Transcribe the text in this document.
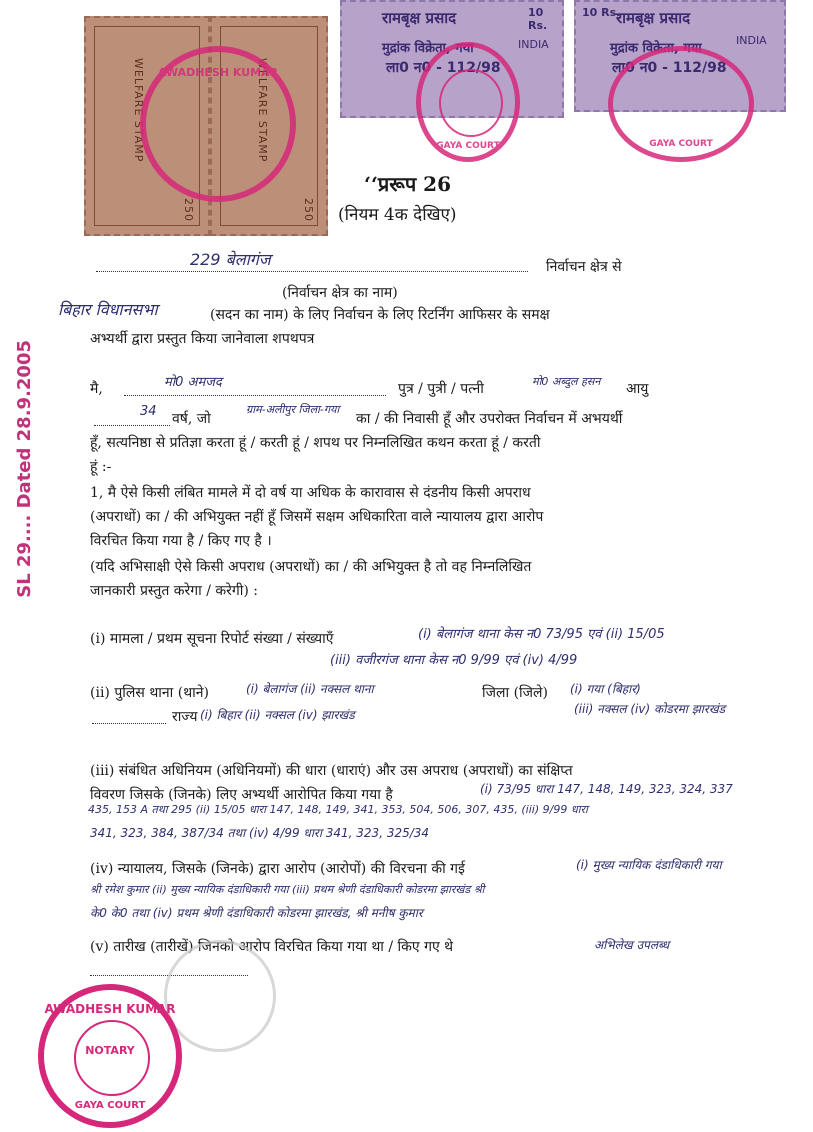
WELFARE STAMP
250
WELFARE STAMP
250
रामबृक्ष प्रसाद	10 Rs.
मुद्रांक विक्रेता, गया
ला0 न0 - 112/98
INDIA
10 Rs.
रामबृक्ष प्रसाद
मुद्रांक विक्रेता, गया
ला0 न0 - 112/98
INDIA
AWADHESH KUMAR
GAYA COURT	GAYA COURT
SL 29.... Dated 28.9.2005
‘‘प्ररूप 26
(नियम 4क देखिए)
229 बेलागंज	निर्वाचन क्षेत्र से
(निर्वाचन क्षेत्र का नाम)
बिहार विधानसभा	(सदन का नाम) के लिए निर्वाचन के लिए रिटर्निंग आफिसर के समक्ष
अभ्यर्थी द्वारा प्रस्तुत किया जानेवाला शपथपत्र
मै,	मो0 अमजद	पुत्र / पुत्री / पत्नी	मो0 अब्दुल हसन आयु
34 वर्ष, जो
ग्राम-अलीपुर जिला-गया
का / की निवासी हूँ और उपरोक्त निर्वाचन में अभयर्थी
हूँ, सत्यनिष्ठा से प्रतिज्ञा करता हूं / करती हूं / शपथ पर निम्नलिखित कथन करता हूं / करती
हूं :-
1, मै ऐसे किसी लंबित मामले में दो वर्ष या अधिक के कारावास से दंडनीय किसी अपराध
(अपराधों) का / की अभियुक्त नहीं हूँ जिसमें सक्षम अधिकारिता वाले न्यायालय द्वारा आरोप
विरचित किया गया है / किए गए है ।
(यदि अभिसाक्षी ऐसे किसी अपराध (अपराधों) का / की अभियुक्त है तो वह निम्नलिखित
जानकारी प्रस्तुत करेगा / करेगी) :
(i) मामला / प्रथम सूचना रिपोर्ट संख्या / संख्याएँ	(i) बेलागंज थाना केस न0 73/95 एवं (ii) 15/05
(iii) वजीरगंज थाना केस न0 9/99 एवं (iv) 4/99
(ii) पुलिस थाना (थाने)	(i) बेलागंज (ii) नक्सल थाना	जिला (जिले) (i) गया (बिहार)
राज्य (i) बिहार (ii) नक्सल (iv) झारखंड	(iii) नक्सल (iv) कोडरमा झारखंड
(iii) संबंधित अधिनियम (अधिनियमों) की धारा (धाराएं) और उस अपराध (अपराधों) का संक्षिप्त
विवरण जिसके (जिनके) लिए अभ्यर्थी आरोपित किया गया है	(i) 73/95 धारा 147, 148, 149, 323, 324, 337
435, 153 A तथा 295 (ii) 15/05 धारा 147, 148, 149, 341, 353, 504, 506, 307, 435, (iii) 9/99 धारा
341, 323, 384, 387/34 तथा (iv) 4/99 धारा 341, 323, 325/34
(iv) न्यायालय, जिसके (जिनके) द्वारा आरोप (आरोपों) की विरचना की गई	(i) मुख्य न्यायिक दंडाधिकारी गया
श्री रमेश कुमार (ii) मुख्य न्यायिक दंडाधिकारी गया (iii) प्रथम श्रेणी दंडाधिकारी कोडरमा झारखंड श्री
के0 के0 तथा (iv) प्रथम श्रेणी दंडाधिकारी कोडरमा झारखंड, श्री मनीष कुमार
(v) तारीख (तारीखें) जिनको आरोप विरचित किया गया था / किए गए थे	अभिलेख उपलब्ध
AWADHESH KUMAR
NOTARY
GAYA COURT
